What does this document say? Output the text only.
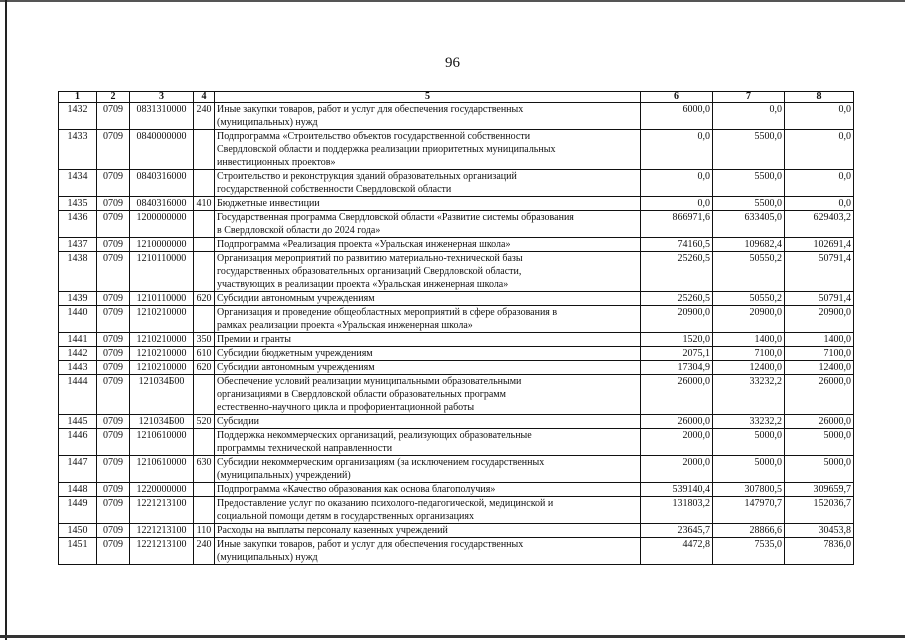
96
1	2	3	4	5	6	7	8
1432	0709	0831310000	240	Иные закупки товаров, работ и услуг для обеспечения государственных
(муниципальных) нужд	6000,0	0,0	0,0
1433	0709	0840000000		Подпрограмма «Строительство объектов государственной собственности
Свердловской области и поддержка реализации приоритетных муниципальных
инвестиционных проектов»	0,0	5500,0	0,0
1434	0709	0840316000		Строительство и реконструкция зданий образовательных организаций
государственной собственности Свердловской области	0,0	5500,0	0,0
1435	0709	0840316000	410	Бюджетные инвестиции	0,0	5500,0	0,0
1436	0709	1200000000		Государственная программа Свердловской области «Развитие системы образования
в Свердловской области до 2024 года»	866971,6	633405,0	629403,2
1437	0709	1210000000		Подпрограмма «Реализация проекта «Уральская инженерная школа»	74160,5	109682,4	102691,4
1438	0709	1210110000		Организация мероприятий по развитию материально-технической базы
государственных образовательных организаций Свердловской области,
участвующих в реализации проекта «Уральская инженерная школа»	25260,5	50550,2	50791,4
1439	0709	1210110000	620	Субсидии автономным учреждениям	25260,5	50550,2	50791,4
1440	0709	1210210000		Организация и проведение общеобластных мероприятий в сфере образования в
рамках реализации проекта «Уральская инженерная школа»	20900,0	20900,0	20900,0
1441	0709	1210210000	350	Премии и гранты	1520,0	1400,0	1400,0
1442	0709	1210210000	610	Субсидии бюджетным учреждениям	2075,1	7100,0	7100,0
1443	0709	1210210000	620	Субсидии автономным учреждениям	17304,9	12400,0	12400,0
1444	0709	121034Б00		Обеспечение условий реализации муниципальными образовательными
организациями в Свердловской области образовательных программ
естественно-научного цикла и профориентационной работы	26000,0	33232,2	26000,0
1445	0709	121034Б00	520	Субсидии	26000,0	33232,2	26000,0
1446	0709	1210610000		Поддержка некоммерческих организаций, реализующих образовательные
программы технической направленности	2000,0	5000,0	5000,0
1447	0709	1210610000	630	Субсидии некоммерческим организациям (за исключением государственных
(муниципальных) учреждений)	2000,0	5000,0	5000,0
1448	0709	1220000000		Подпрограмма «Качество образования как основа благополучия»	539140,4	307800,5	309659,7
1449	0709	1221213100		Предоставление услуг по оказанию психолого-педагогической, медицинской и
социальной помощи детям в государственных организациях	131803,2	147970,7	152036,7
1450	0709	1221213100	110	Расходы на выплаты персоналу казенных учреждений	23645,7	28866,6	30453,8
1451	0709	1221213100	240	Иные закупки товаров, работ и услуг для обеспечения государственных
(муниципальных) нужд	4472,8	7535,0	7836,0
